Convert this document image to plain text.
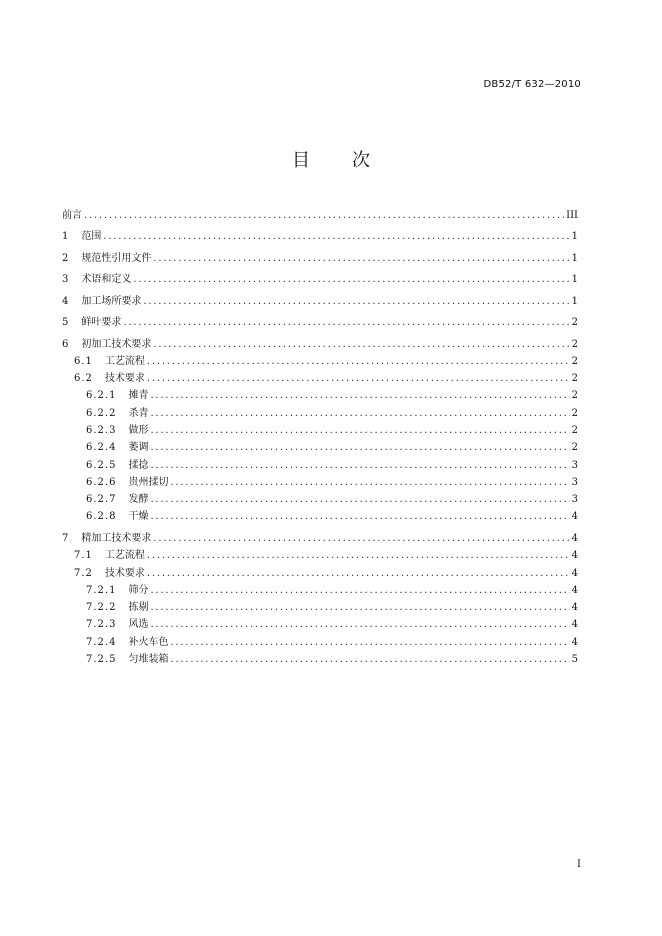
DB52/T 632—2010
目次
前言 .....	III
1 范围 .....	1
2 规范性引用文件 .....	1
3 术语和定义 .....	1
4 加工场所要求 .....	1
5 鲜叶要求 .....	2
6 初加工技术要求 .....	2
6.1 工艺流程 .....	2
6.2 技术要求 .....	2
6.2.1 摊青 .....	2
6.2.2 杀青 .....	2
6.2.3 做形 .....	2
6.2.4 萎调 .....	2
6.2.5 揉捻 .....	3
6.2.6 贵州揉切 .....	3
6.2.7 发酵 .....	3
6.2.8 干燥 .....	4
7 精加工技术要求 .....	4
7.1 工艺流程 .....	4
7.2 技术要求 .....	4
7.2.1 筛分 .....	4
7.2.2 拣剔 .....	4
7.2.3 风选 .....	4
7.2.4 补火车色 .....	4
7.2.5 匀堆装箱 .....	5
I
